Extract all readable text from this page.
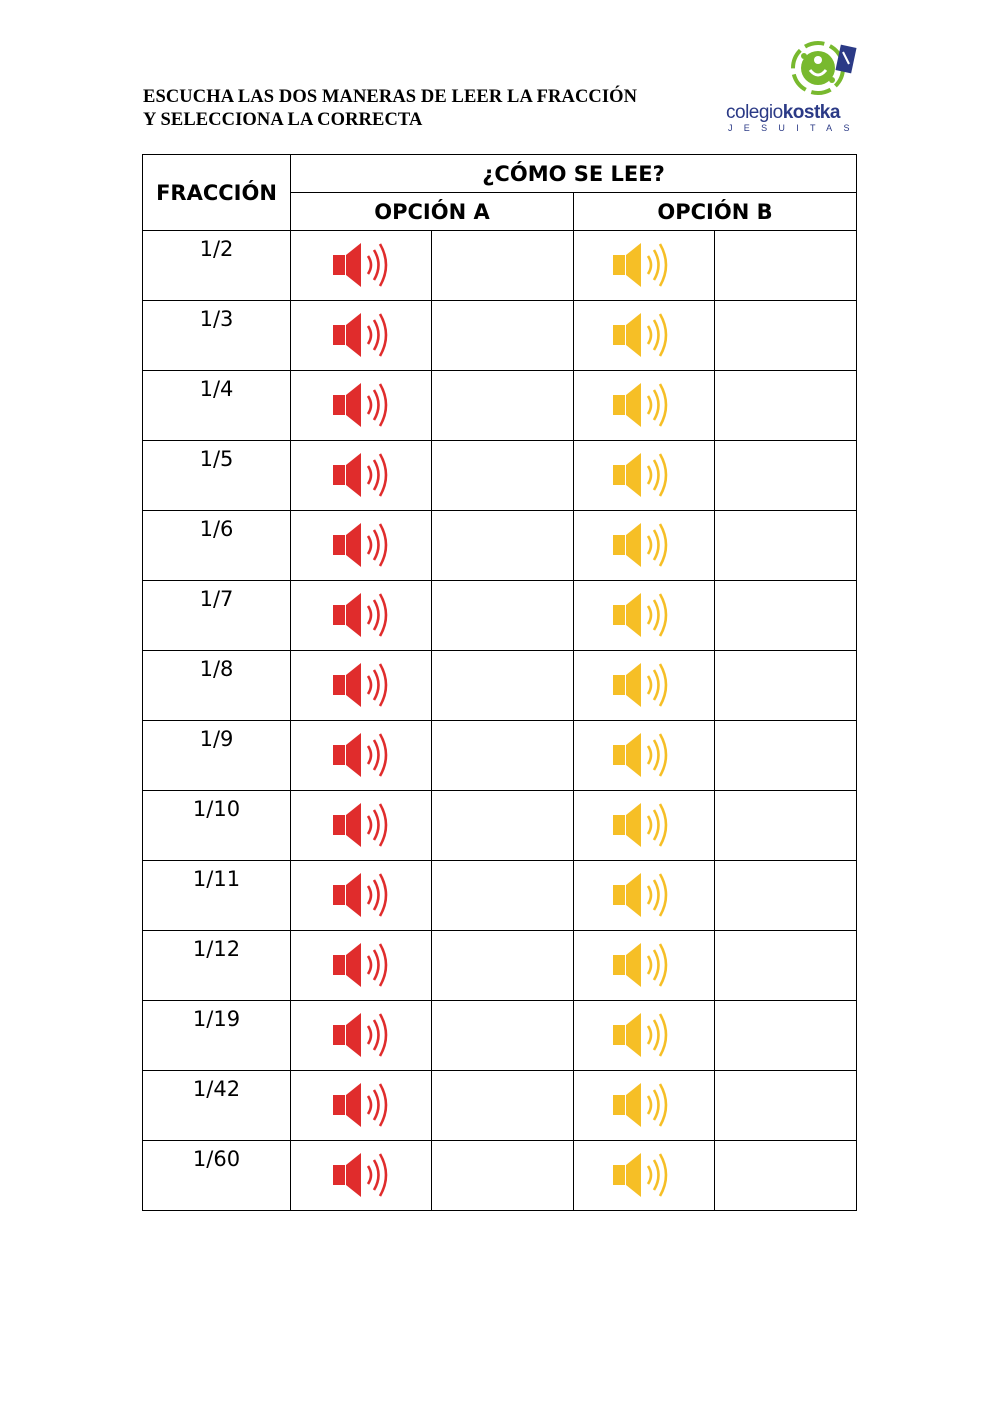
ESCUCHA LAS DOS MANERAS DE LEER LA FRACCIÓN
Y SELECCIONA LA CORRECTA	colegiokostka
JESUITAS
FRACCIÓN	¿CÓMO SE LEE?			
	OPCIÓN A		OPCIÓN B	
1/2	

1/3	

1/4	

1/5	

1/6	

1/7	

1/8	

1/9	

1/10	

1/11	

1/12	

1/19	

1/42	

1/60	
